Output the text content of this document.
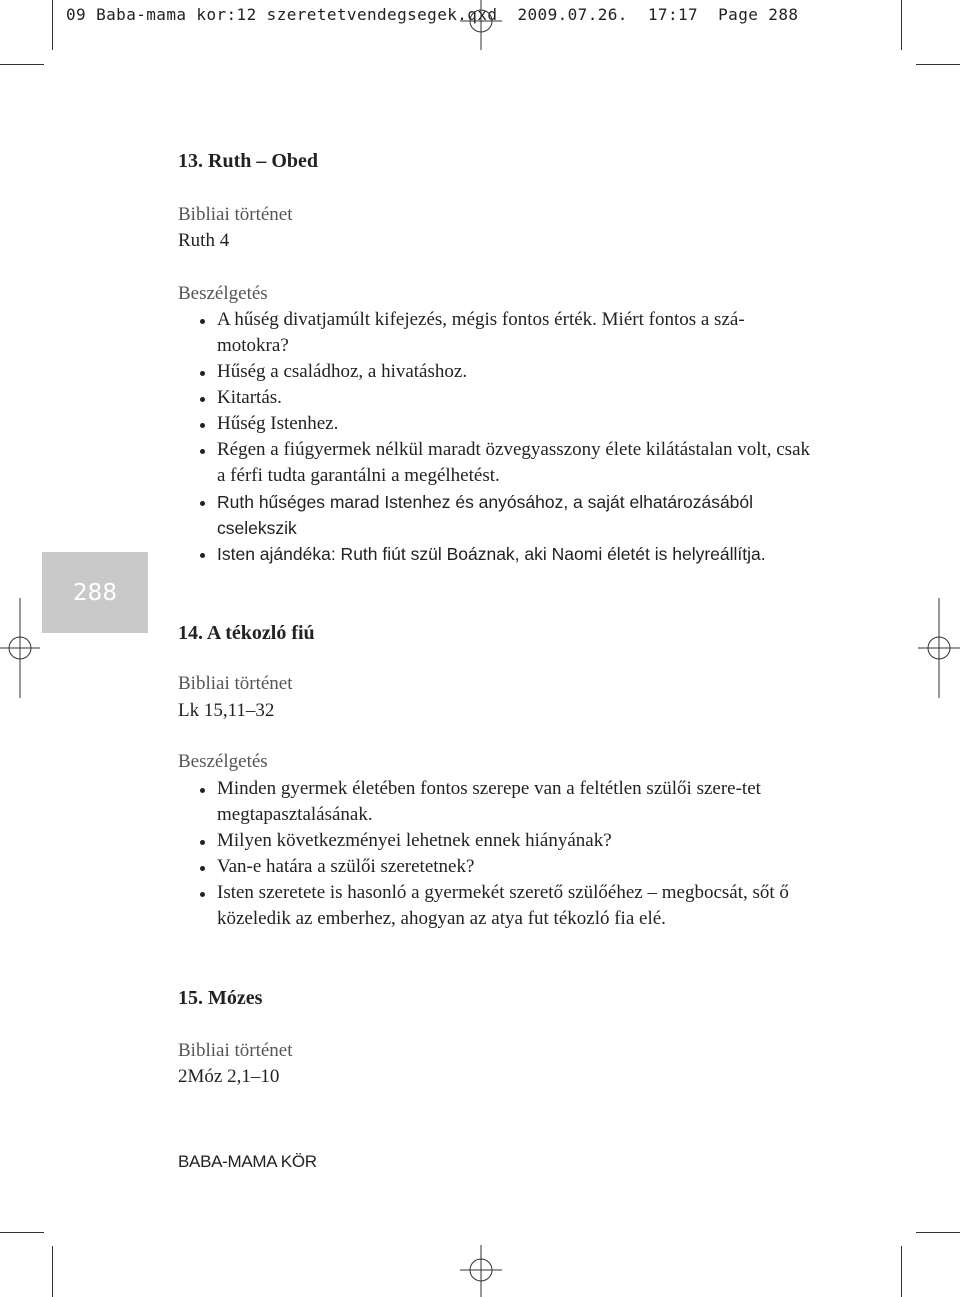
09 Baba-mama kor:12 szeretetvendegsegek.qxd  2009.07.26.  17:17  Page 288
288
13. Ruth – Obed
Bibliai történet
Ruth 4
Beszélgetés
A hűség divatjamúlt kifejezés, mégis fontos érték. Miért fontos a szá-motokra?
Hűség a családhoz, a hivatáshoz.
Kitartás.
Hűség Istenhez.
Régen a fiúgyermek nélkül maradt özvegyasszony élete kilátástalan volt, csak a férfi tudta garantálni a megélhetést.
Ruth hűséges marad Istenhez és anyósához, a saját elhatározásából cselekszik
Isten ajándéka: Ruth fiút szül Boáznak, aki Naomi életét is helyreállítja.
14. A tékozló fiú
Bibliai történet
Lk 15,11–32
Beszélgetés
Minden gyermek életében fontos szerepe van a feltétlen szülői szere-tet megtapasztalásának.
Milyen következményei lehetnek ennek hiányának?
Van-e határa a szülői szeretetnek?
Isten szeretete is hasonló a gyermekét szerető szülőéhez – megbocsát, sőt ő közeledik az emberhez, ahogyan az atya fut tékozló fia elé.
15. Mózes
Bibliai történet
2Móz 2,1–10
BABA-MAMA KÖR
